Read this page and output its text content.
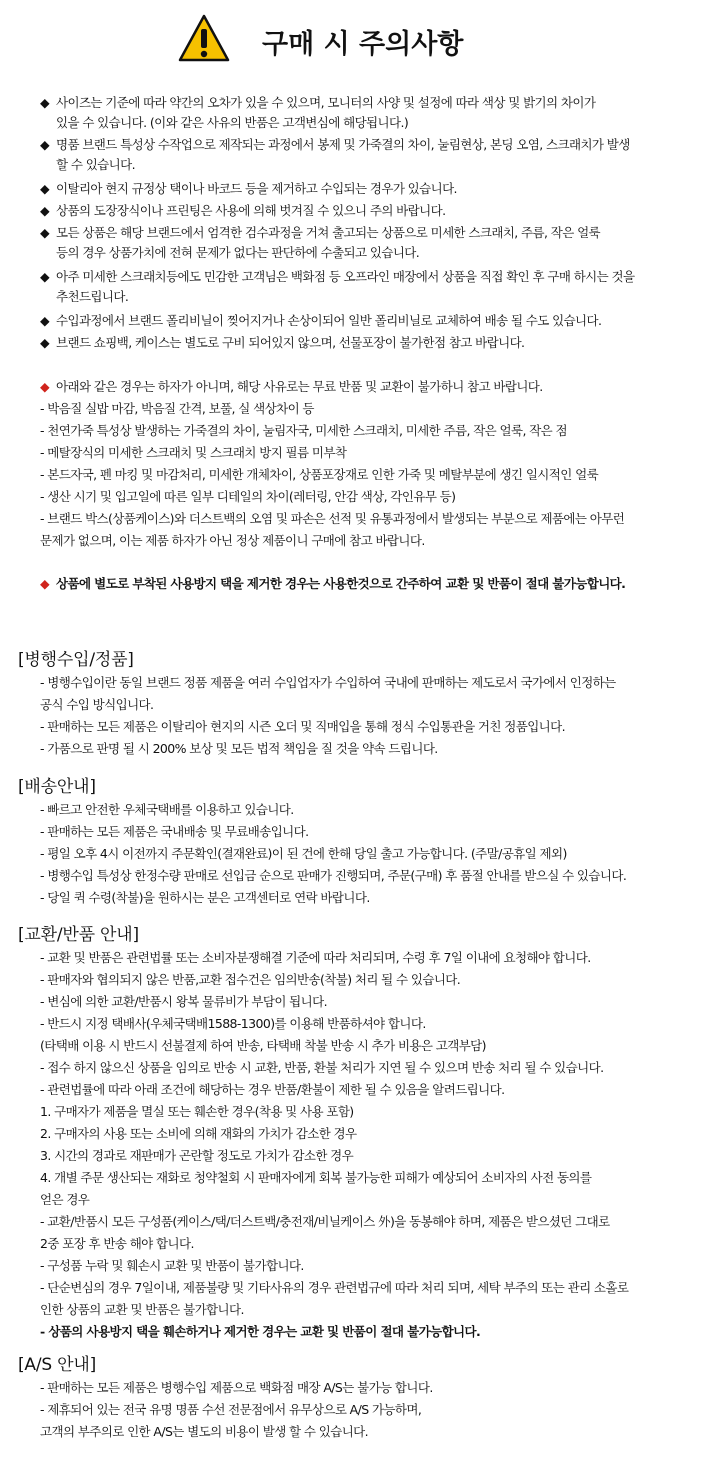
구매 시 주의사항
◆ 사이즈는 기준에 따라 약간의 오차가 있을 수 있으며, 모니터의 사양 및 설정에 따라 색상 및 밝기의 차이가
있을 수 있습니다. (이와 같은 사유의 반품은 고객변심에 해당됩니다.)
◆ 명품 브랜드 특성상 수작업으로 제작되는 과정에서 봉제 및 가죽결의 차이, 눌림현상, 본딩 오염, 스크래치가 발생
할 수 있습니다.
◆ 이탈리아 현지 규정상 택이나 바코드 등을 제거하고 수입되는 경우가 있습니다.
◆ 상품의 도장장식이나 프린팅은 사용에 의해 벗겨질 수 있으니 주의 바랍니다.
◆ 모든 상품은 해당 브랜드에서 엄격한 검수과정을 거쳐 출고되는 상품으로 미세한 스크래치, 주름, 작은 얼룩
등의 경우 상품가치에 전혀 문제가 없다는 판단하에 수출되고 있습니다.
◆ 아주 미세한 스크래치등에도 민감한 고객님은 백화점 등 오프라인 매장에서 상품을 직접 확인 후 구매 하시는 것을
추천드립니다.
◆ 수입과정에서 브랜드 폴리비닐이 찢어지거나 손상이되어 일반 폴리비닐로 교체하여 배송 될 수도 있습니다.
◆ 브랜드 쇼핑백, 케이스는 별도로 구비 되어있지 않으며, 선물포장이 불가한점 참고 바랍니다.
◆ 아래와 같은 경우는 하자가 아니며, 해당 사유로는 무료 반품 및 교환이 불가하니 참고 바랍니다.
- 박음질 실밥 마감, 박음질 간격, 보풀, 실 색상차이 등
- 천연가죽 특성상 발생하는 가죽결의 차이, 눌림자국, 미세한 스크래치, 미세한 주름, 작은 얼룩, 작은 점
- 메탈장식의 미세한 스크래치 및 스크래치 방지 필름 미부착
- 본드자국, 펜 마킹 및 마감처리, 미세한 개체차이, 상품포장재로 인한 가죽 및 메탈부분에 생긴 일시적인 얼룩
- 생산 시기 및 입고일에 따른 일부 디테일의 차이(레터링, 안감 색상, 각인유무 등)
- 브랜드 박스(상품케이스)와 더스트백의 오염 및 파손은 선적 및 유통과정에서 발생되는 부분으로 제품에는 아무런
문제가 없으며, 이는 제품 하자가 아닌 정상 제품이니 구매에 참고 바랍니다.
◆ 상품에 별도로 부착된 사용방지 택을 제거한 경우는 사용한것으로 간주하여 교환 및 반품이 절대 불가능합니다.
[병행수입/정품]
- 병행수입이란 동일 브랜드 정품 제품을 여러 수입업자가 수입하여 국내에 판매하는 제도로서 국가에서 인정하는
공식 수입 방식입니다.
- 판매하는 모든 제품은 이탈리아 현지의 시즌 오더 및 직매입을 통해 정식 수입통관을 거친 정품입니다.
- 가품으로 판명 될 시 200% 보상 및 모든 법적 책임을 질 것을 약속 드립니다.
[배송안내]
- 빠르고 안전한 우체국택배를 이용하고 있습니다.
- 판매하는 모든 제품은 국내배송 및 무료배송입니다.
- 평일 오후 4시 이전까지 주문확인(결재완료)이 된 건에 한해 당일 출고 가능합니다. (주말/공휴일 제외)
- 병행수입 특성상 한정수량 판매로 선입금 순으로 판매가 진행되며, 주문(구매) 후 품절 안내를 받으실 수 있습니다.
- 당일 퀵 수령(착불)을 원하시는 분은 고객센터로 연락 바랍니다.
[교환/반품 안내]
- 교환 및 반품은 관련법률 또는 소비자분쟁해결 기준에 따라 처리되며, 수령 후 7일 이내에 요청해야 합니다.
- 판매자와 협의되지 않은 반품,교환 접수건은 임의반송(착불) 처리 될 수 있습니다.
- 변심에 의한 교환/반품시 왕복 물류비가 부담이 됩니다.
- 반드시 지정 택배사(우체국택배1588-1300)를 이용해 반품하셔야 합니다.
(타택배 이용 시 반드시 선불결제 하여 반송, 타택배 착불 반송 시 추가 비용은 고객부담)
- 접수 하지 않으신 상품을 임의로 반송 시 교환, 반품, 환불 처리가 지연 될 수 있으며 반송 처리 될 수 있습니다.
- 관련법률에 따라 아래 조건에 해당하는 경우 반품/환불이 제한 될 수 있음을 알려드립니다.
1. 구매자가 제품을 멸실 또는 훼손한 경우(착용 및 사용 포함)
2. 구매자의 사용 또는 소비에 의해 재화의 가치가 감소한 경우
3. 시간의 경과로 재판매가 곤란할 정도로 가치가 감소한 경우
4. 개별 주문 생산되는 재화로 청약철회 시 판매자에게 회복 불가능한 피해가 예상되어 소비자의 사전 동의를
얻은 경우
- 교환/반품시 모든 구성품(케이스/택/더스트백/충전재/비닐케이스 外)을 동봉해야 하며, 제품은 받으셨던 그대로
2중 포장 후 반송 해야 합니다.
- 구성품 누락 및 훼손시 교환 및 반품이 불가합니다.
- 단순변심의 경우 7일이내, 제품불량 및 기타사유의 경우 관련법규에 따라 처리 되며, 세탁 부주의 또는 관리 소홀로
인한 상품의 교환 및 반품은 불가합니다.
- 상품의 사용방지 택을 훼손하거나 제거한 경우는 교환 및 반품이 절대 불가능합니다.
[A/S 안내]
- 판매하는 모든 제품은 병행수입 제품으로 백화점 매장 A/S는 불가능 합니다.
- 제휴되어 있는 전국 유명 명품 수선 전문점에서 유무상으로 A/S 가능하며,
고객의 부주의로 인한 A/S는 별도의 비용이 발생 할 수 있습니다.
